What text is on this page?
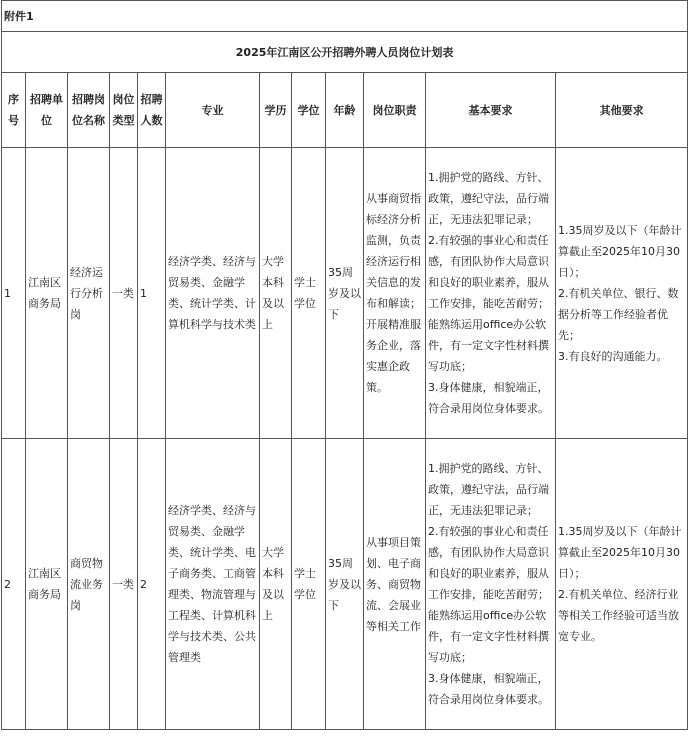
附件1											
2025年江南区公开招聘外聘人员岗位计划表											
序号	招聘单位	招聘岗位名称	岗位类型	招聘人数	专业	学历	学位	年龄	岗位职责	基本要求	其他要求
1	江南区商务局	经济运行分析岗	一类	1	经济学类、经济与贸易类、金融学类、统计学类、计算机科学与技术类	大学本科及以上	学士学位	35周岁及以下	从事商贸指标经济分析监测，负责经济运行相关信息的发布和解读；开展精准服务企业，落实惠企政策。	1.拥护党的路线、方针、政策，遵纪守法，品行端正，无违法犯罪记录；
2.有较强的事业心和责任感，有团队协作大局意识和良好的职业素养，服从工作安排，能吃苦耐劳；能熟练运用office办公软件，有一定文字性材料撰写功底；
3.身体健康，相貌端正，符合录用岗位身体要求。	1.35周岁及以下（年龄计算截止至2025年10月30日）；
2.有机关单位、银行、数据分析等工作经验者优先；
3.有良好的沟通能力。
2	江南区商务局	商贸物流业务岗	一类	2	经济学类、经济与贸易类、金融学类、统计学类、电子商务类、工商管理类、物流管理与工程类、计算机科学与技术类、公共管理类	大学本科及以上	学士学位	35周岁及以下	从事项目策划、电子商务、商贸物流、会展业等相关工作	1.拥护党的路线、方针、政策，遵纪守法，品行端正，无违法犯罪记录；
2.有较强的事业心和责任感，有团队协作大局意识和良好的职业素养，服从工作安排，能吃苦耐劳；能熟练运用office办公软件，有一定文字性材料撰写功底；
3.身体健康，相貌端正，符合录用岗位身体要求。	1.35周岁及以下（年龄计算截止至2025年10月30日）；
2.有机关单位、经济行业等相关工作经验可适当放宽专业。
